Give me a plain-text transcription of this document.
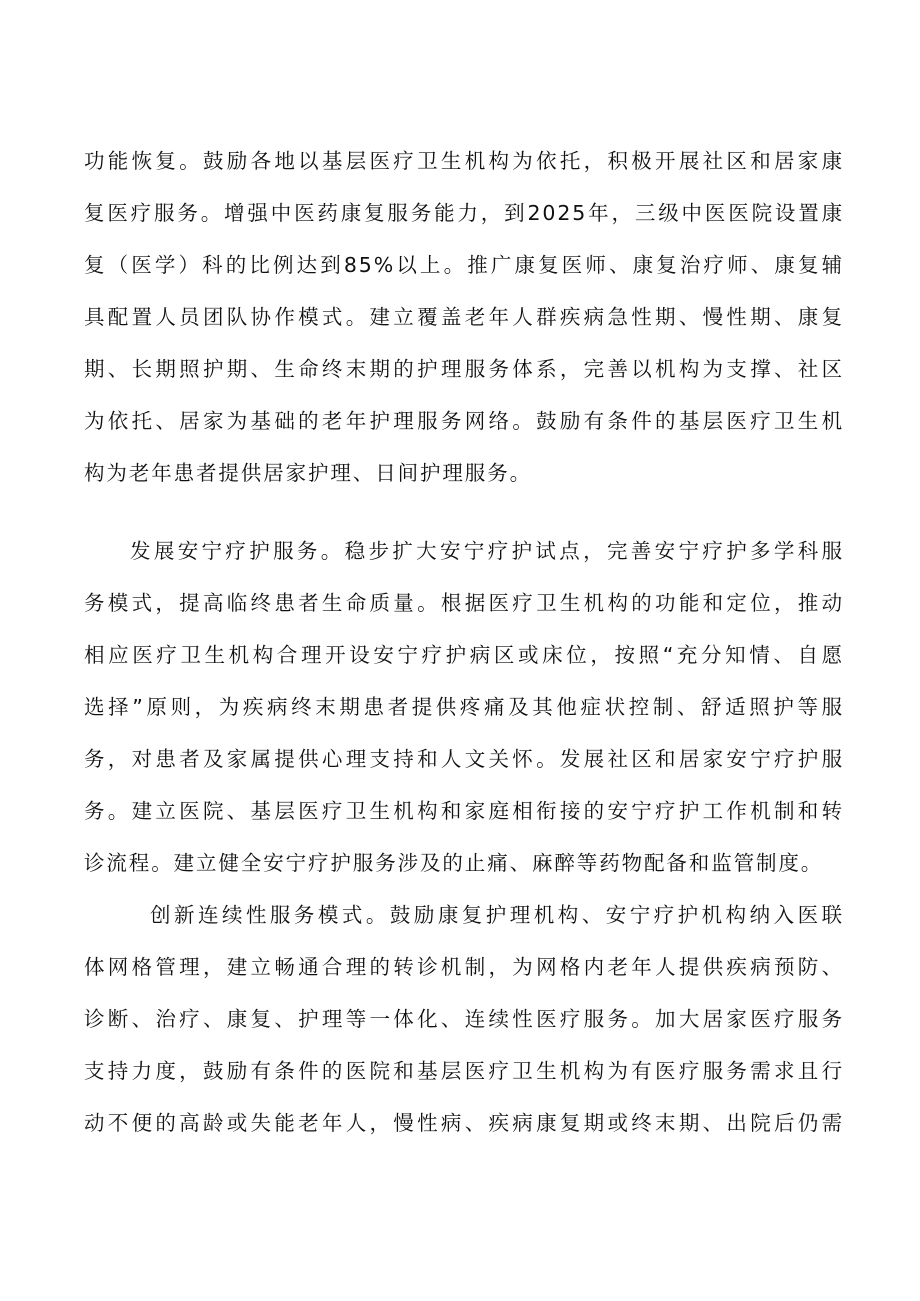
功能恢复。鼓励各地以基层医疗卫生机构为依托，积极开展社区和居家康
复医疗服务。增强中医药康复服务能力，到2025年，三级中医医院设置康
复（医学）科的比例达到85%以上。推广康复医师、康复治疗师、康复辅
具配置人员团队协作模式。建立覆盖老年人群疾病急性期、慢性期、康复
期、长期照护期、生命终末期的护理服务体系，完善以机构为支撑、社区
为依托、居家为基础的老年护理服务网络。鼓励有条件的基层医疗卫生机
构为老年患者提供居家护理、日间护理服务。
发展安宁疗护服务。稳步扩大安宁疗护试点，完善安宁疗护多学科服
务模式，提高临终患者生命质量。根据医疗卫生机构的功能和定位，推动
相应医疗卫生机构合理开设安宁疗护病区或床位，按照“充分知情、自愿
选择”原则，为疾病终末期患者提供疼痛及其他症状控制、舒适照护等服
务，对患者及家属提供心理支持和人文关怀。发展社区和居家安宁疗护服
务。建立医院、基层医疗卫生机构和家庭相衔接的安宁疗护工作机制和转
诊流程。建立健全安宁疗护服务涉及的止痛、麻醉等药物配备和监管制度。
创新连续性服务模式。鼓励康复护理机构、安宁疗护机构纳入医联
体网格管理，建立畅通合理的转诊机制，为网格内老年人提供疾病预防、
诊断、治疗、康复、护理等一体化、连续性医疗服务。加大居家医疗服务
支持力度，鼓励有条件的医院和基层医疗卫生机构为有医疗服务需求且行
动不便的高龄或失能老年人，慢性病、疾病康复期或终末期、出院后仍需
